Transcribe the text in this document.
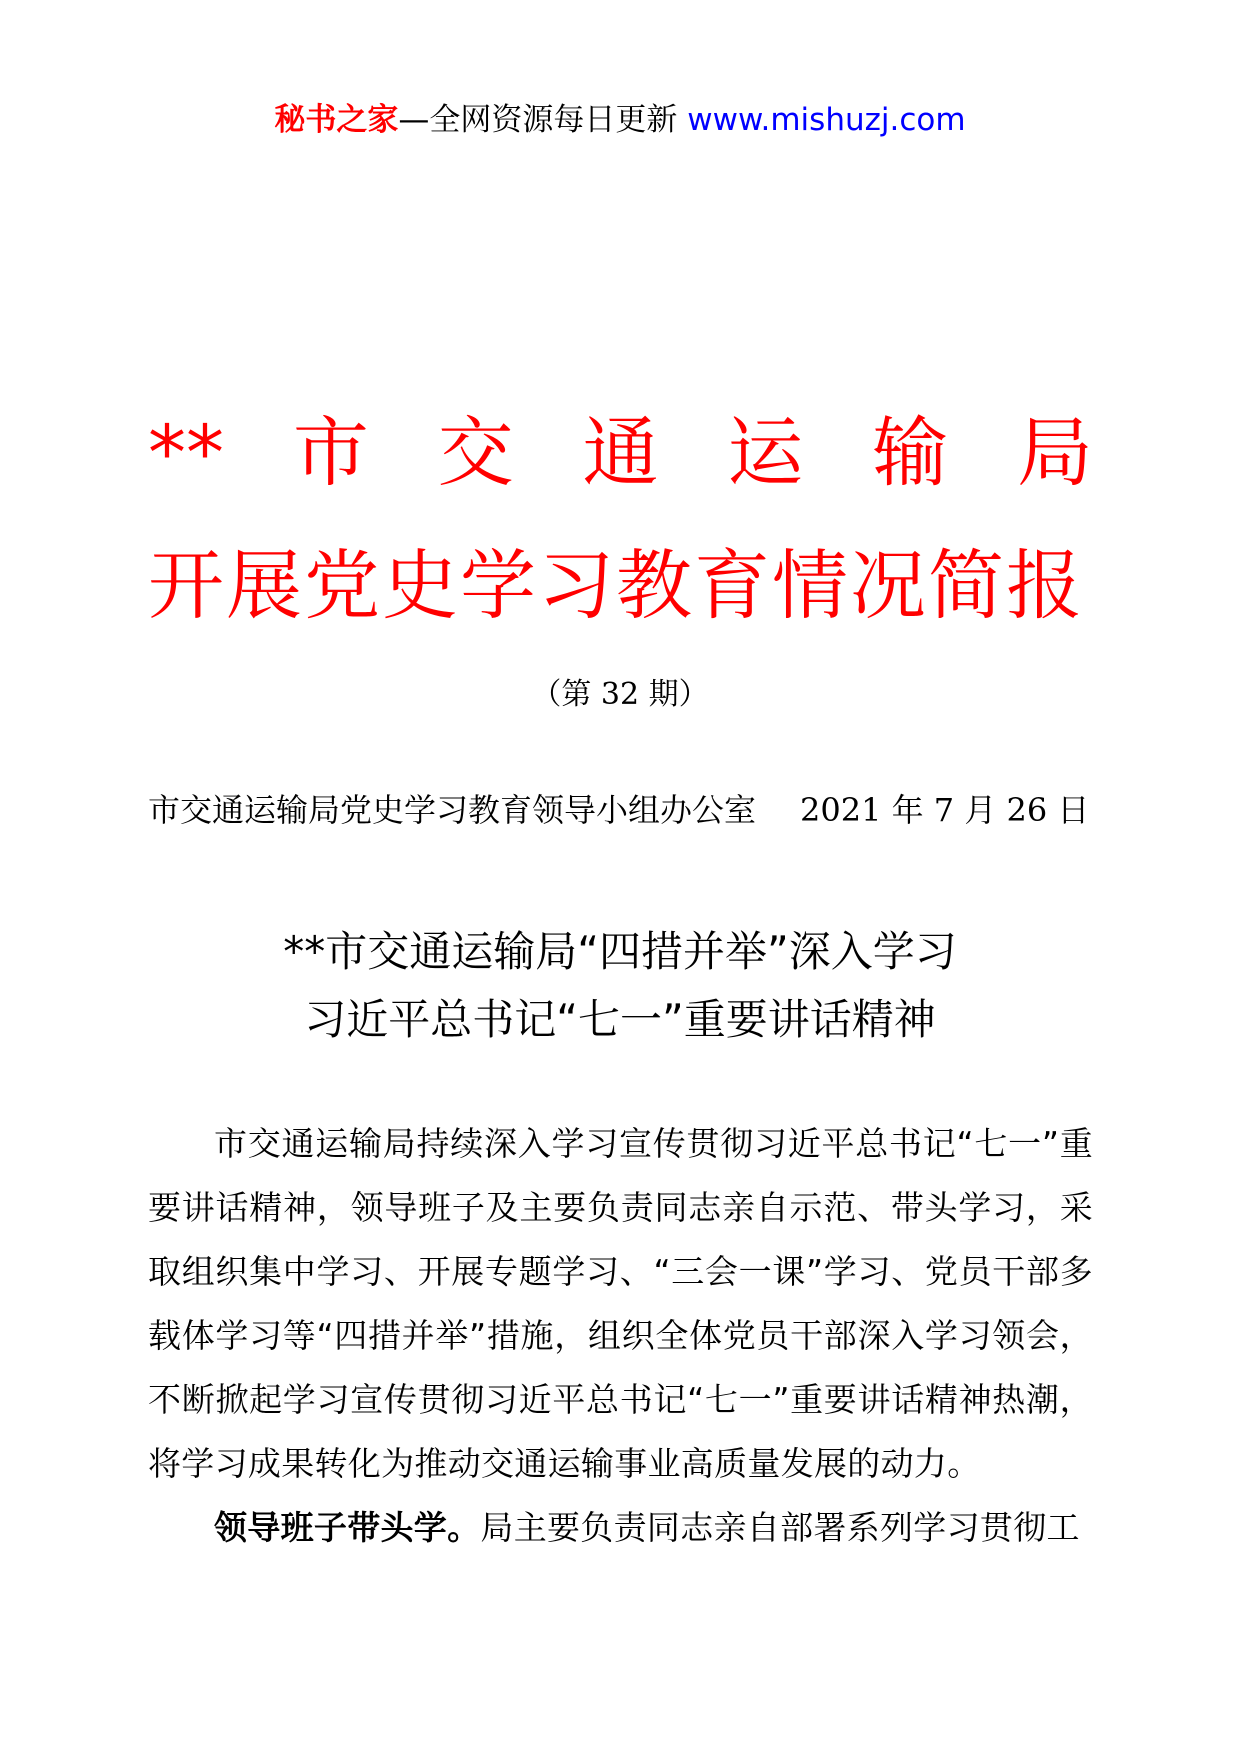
秘书之家—全网资源每日更新 www.mishuzj.com
** 市 交 通 运 输 局
开展党史学习教育情况简报
（第 32 期）
市交通运输局党史学习教育领导小组办公室 2021 年 7 月 26 日
**市交通运输局“四措并举”深入学习
习近平总书记“七一”重要讲话精神

市交通运输局持续深入学习宣传贯彻习近平总书记“七一”重要讲话精神，领导班子及主要负责同志亲自示范、带头学习，采取组织集中学习、开展专题学习、“三会一课”学习、党员干部多载体学习等“四措并举”措施，组织全体党员干部深入学习领会，不断掀起学习宣传贯彻习近平总书记“七一”重要讲话精神热潮，将学习成果转化为推动交通运输事业高质量发展的动力。

领导班子带头学。局主要负责同志亲自部署系列学习贯彻工
